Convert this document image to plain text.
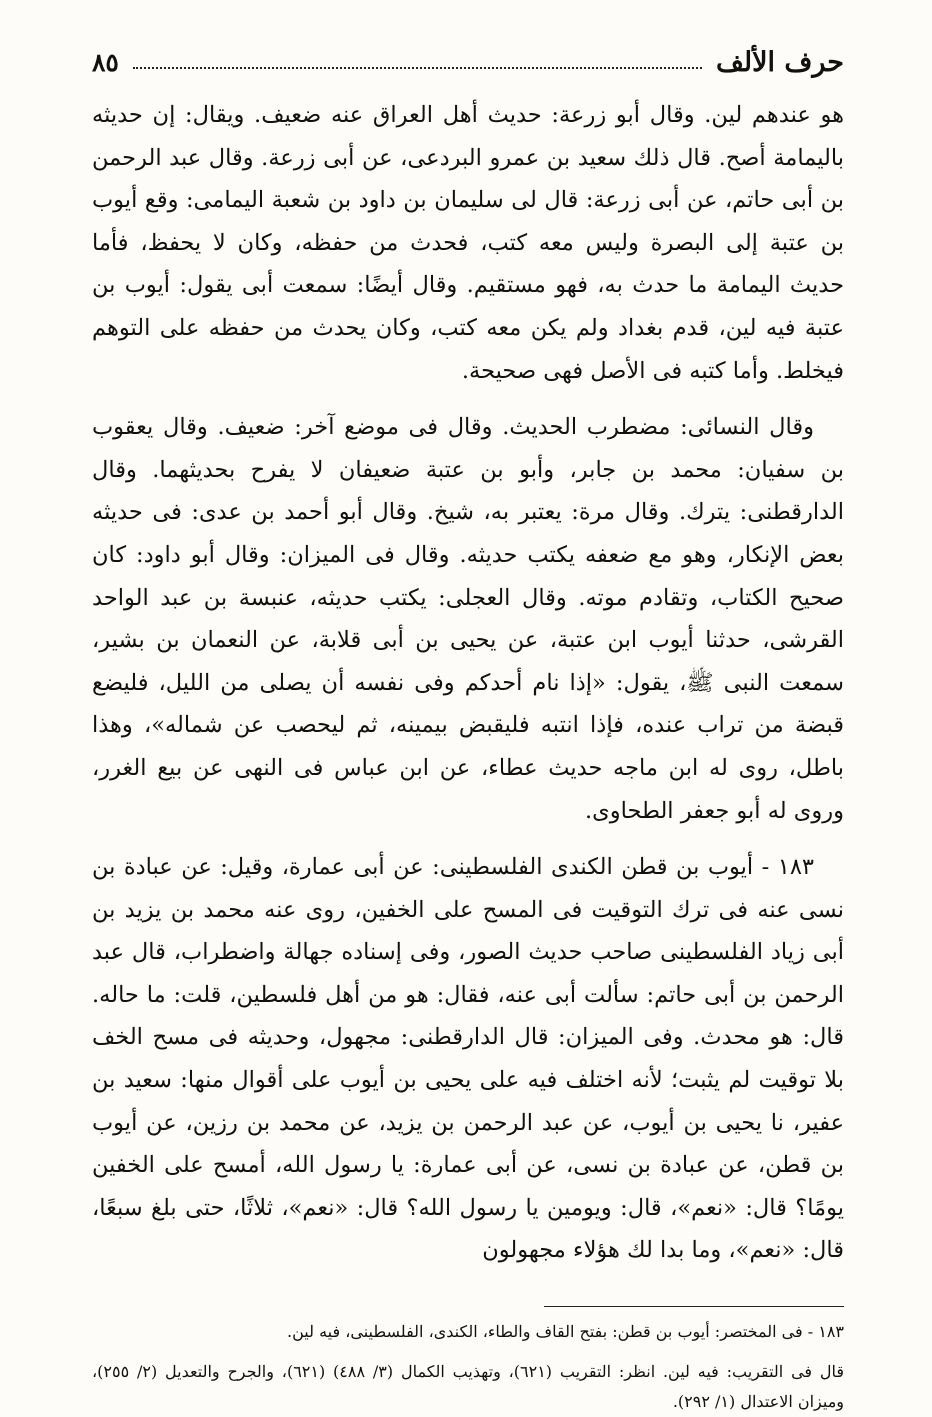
حرف الألف
٨٥

هو عندهم لين. وقال أبو زرعة: حديث أهل العراق عنه ضعيف. ويقال: إن حديثه باليمامة أصح. قال ذلك سعيد بن عمرو البردعى، عن أبى زرعة. وقال عبد الرحمن بن أبى حاتم، عن أبى زرعة: قال لى سليمان بن داود بن شعبة اليمامى: وقع أيوب بن عتبة إلى البصرة وليس معه كتب، فحدث من حفظه، وكان لا يحفظ، فأما حديث اليمامة ما حدث به، فهو مستقيم. وقال أيضًا: سمعت أبى يقول: أيوب بن عتبة فيه لين، قدم بغداد ولم يكن معه كتب، وكان يحدث من حفظه على التوهم فيخلط. وأما كتبه فى الأصل فهى صحيحة.

وقال النسائى: مضطرب الحديث. وقال فى موضع آخر: ضعيف. وقال يعقوب بن سفيان: محمد بن جابر، وأبو بن عتبة ضعيفان لا يفرح بحديثهما. وقال الدارقطنى: يترك. وقال مرة: يعتبر به، شيخ. وقال أبو أحمد بن عدى: فى حديثه بعض الإنكار، وهو مع ضعفه يكتب حديثه. وقال فى الميزان: وقال أبو داود: كان صحيح الكتاب، وتقادم موته. وقال العجلى: يكتب حديثه، عنبسة بن عبد الواحد القرشى، حدثنا أيوب ابن عتبة، عن يحيى بن أبى قلابة، عن النعمان بن بشير، سمعت النبى ﷺ، يقول: «إذا نام أحدكم وفى نفسه أن يصلى من الليل، فليضع قبضة من تراب عنده، فإذا انتبه فليقبض بيمينه، ثم ليحصب عن شماله»، وهذا باطل، روى له ابن ماجه حديث عطاء، عن ابن عباس فى النهى عن بيع الغرر، وروى له أبو جعفر الطحاوى.

١٨٣ - أيوب بن قطن الكندى الفلسطينى: عن أبى عمارة، وقيل: عن عبادة بن نسى عنه فى ترك التوقيت فى المسح على الخفين، روى عنه محمد بن يزيد بن أبى زياد الفلسطينى صاحب حديث الصور، وفى إسناده جهالة واضطراب، قال عبد الرحمن بن أبى حاتم: سألت أبى عنه، فقال: هو من أهل فلسطين، قلت: ما حاله. قال: هو محدث. وفى الميزان: قال الدارقطنى: مجهول، وحديثه فى مسح الخف بلا توقيت لم يثبت؛ لأنه اختلف فيه على يحيى بن أيوب على أقوال منها: سعيد بن عفير، نا يحيى بن أيوب، عن عبد الرحمن بن يزيد، عن محمد بن رزين، عن أيوب بن قطن، عن عبادة بن نسى، عن أبى عمارة: يا رسول الله، أمسح على الخفين يومًا؟ قال: «نعم»، قال: ويومين يا رسول الله؟ قال: «نعم»، ثلاثًا، حتى بلغ سبعًا، قال: «نعم»، وما بدا لك هؤلاء مجهولون

١٨٣ - فى المختصر: أيوب بن قطن: بفتح القاف والطاء، الكندى، الفلسطينى، فيه لين.

قال فى التقريب: فيه لين. انظر: التقريب (٦٢١)، وتهذيب الكمال (٣/ ٤٨٨) (٦٢١)، والجرح والتعديل (٢/ ٢٥٥)، وميزان الاعتدال (١/ ٢٩٢).
